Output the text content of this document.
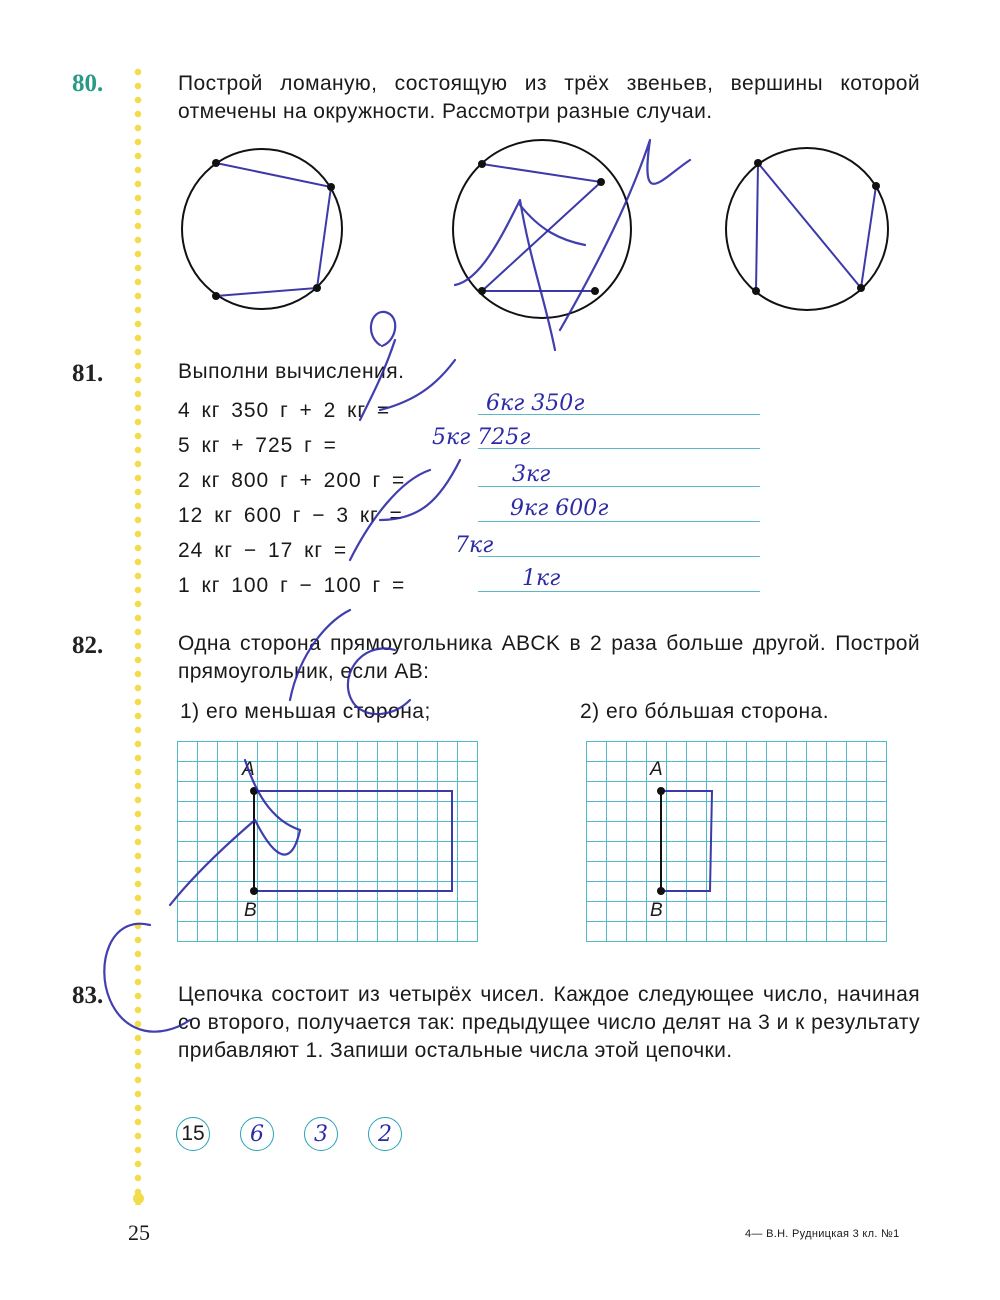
80.	Построй ломаную, состоящую из трёх звеньев, вершины которой отмечены на окружности. Рассмотри разные случаи.
81.	Выполни вычисления.
4 кг 350 г + 2 кг =	6кг 350г
5 кг + 725 г =	5кг 725г
2 кг 800 г + 200 г =	3кг
12 кг 600 г − 3 кг =	9кг 600г
24 кг − 17 кг =	7кг
1 кг 100 г − 100 г =	1кг
82.	Одна сторона прямоугольника ABCK в 2 раза больше другой. Построй прямоугольник, если AB:
1) его меньшая сторона;	2) его бо́льшая сторона.
A
B
A
B
83.	Цепочка состоит из четырёх чисел. Каждое следующее число, начиная со второго, получается так: предыдущее число делят на 3 и к результату прибавляют 1. Запиши остальные числа этой цепочки.
15 6 3 2
25	4— В.Н. Рудницкая 3 кл. №1
